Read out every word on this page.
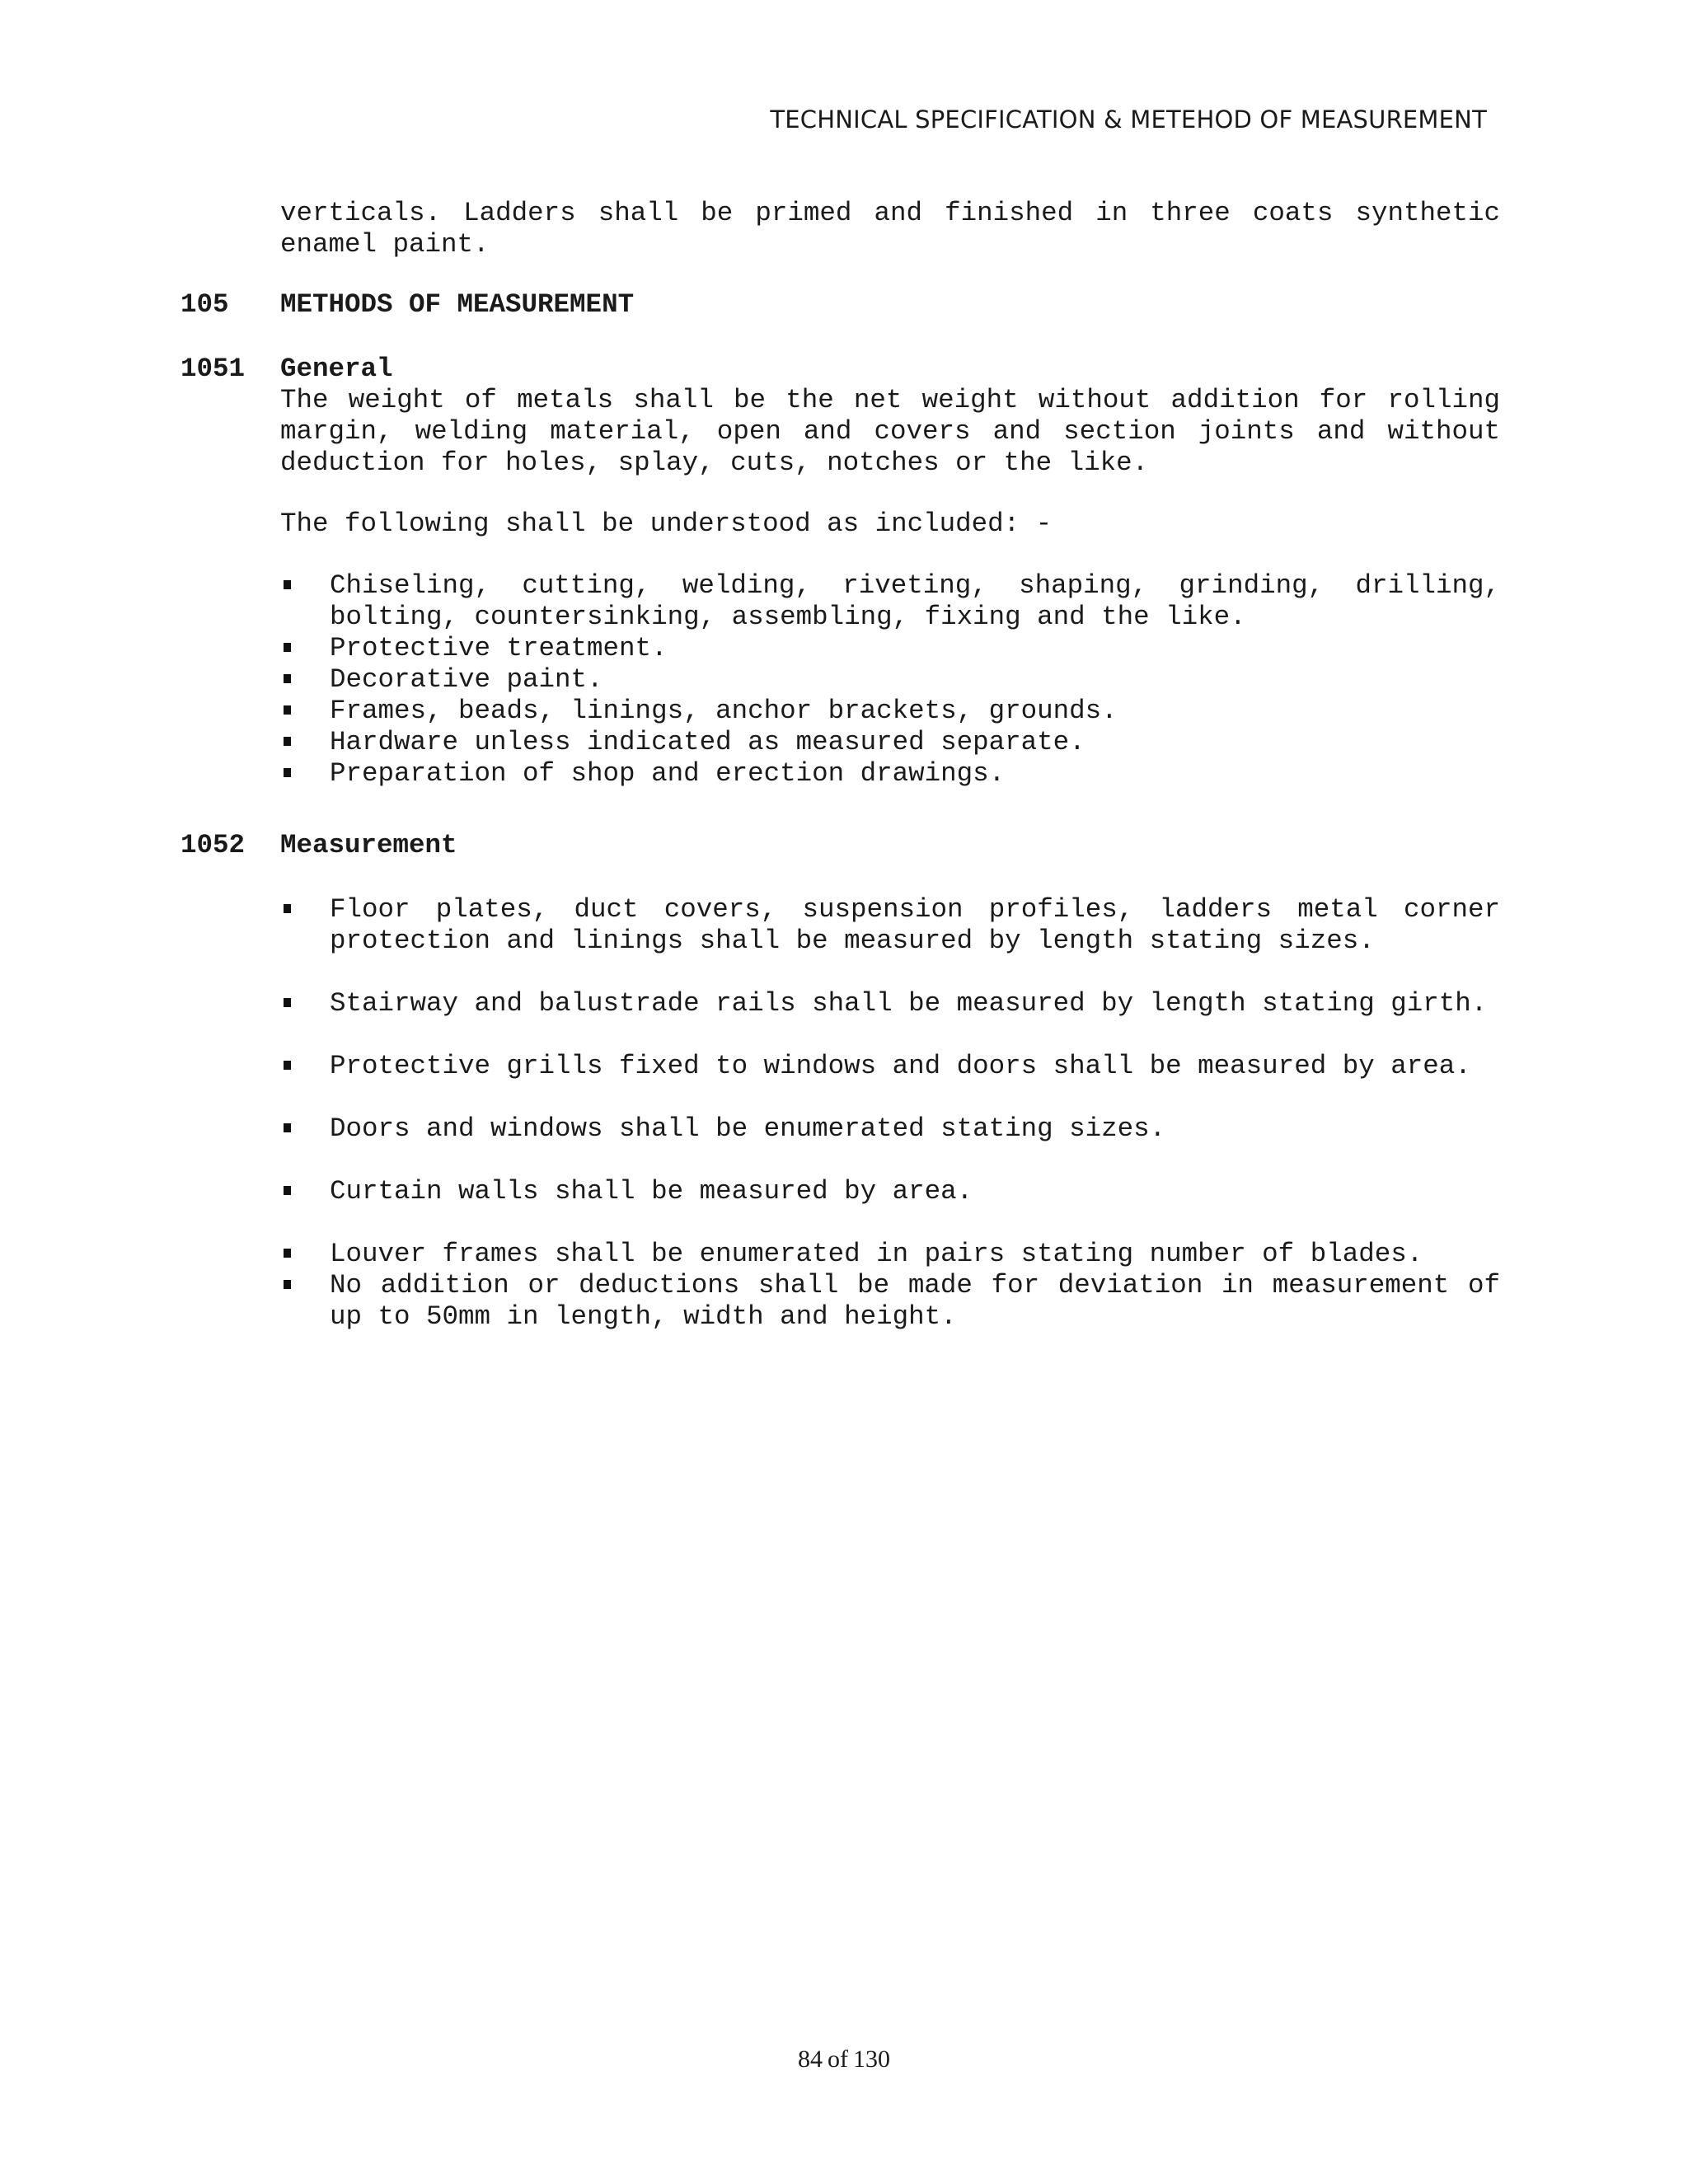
TECHNICAL SPECIFICATION & METEHOD OF MEASUREMENT
verticals. Ladders shall be primed and finished in three coats synthetic
enamel paint.
105 METHODS OF MEASUREMENT
1051 General

The weight of metals shall be the net weight without addition for rolling margin, welding material, open and covers and section joints and without deduction for holes, splay, cuts, notches or the like.

The following shall be understood as included: -

Chiseling, cutting, welding, riveting, shaping, grinding, drilling, bolting, countersinking, assembling, fixing and the like.
Protective treatment.
Decorative paint.
Frames, beads, linings, anchor brackets, grounds.
Hardware unless indicated as measured separate.
Preparation of shop and erection drawings.
1052 Measurement
Floor plates, duct covers, suspension profiles, ladders metal corner protection and linings shall be measured by length stating sizes.
Stairway and balustrade rails shall be measured by length stating girth.
Protective grills fixed to windows and doors shall be measured by area.
Doors and windows shall be enumerated stating sizes.
Curtain walls shall be measured by area.
Louver frames shall be enumerated in pairs stating number of blades.
No addition or deductions shall be made for deviation in measurement of up to 50mm in length, width and height.
84 of 130
